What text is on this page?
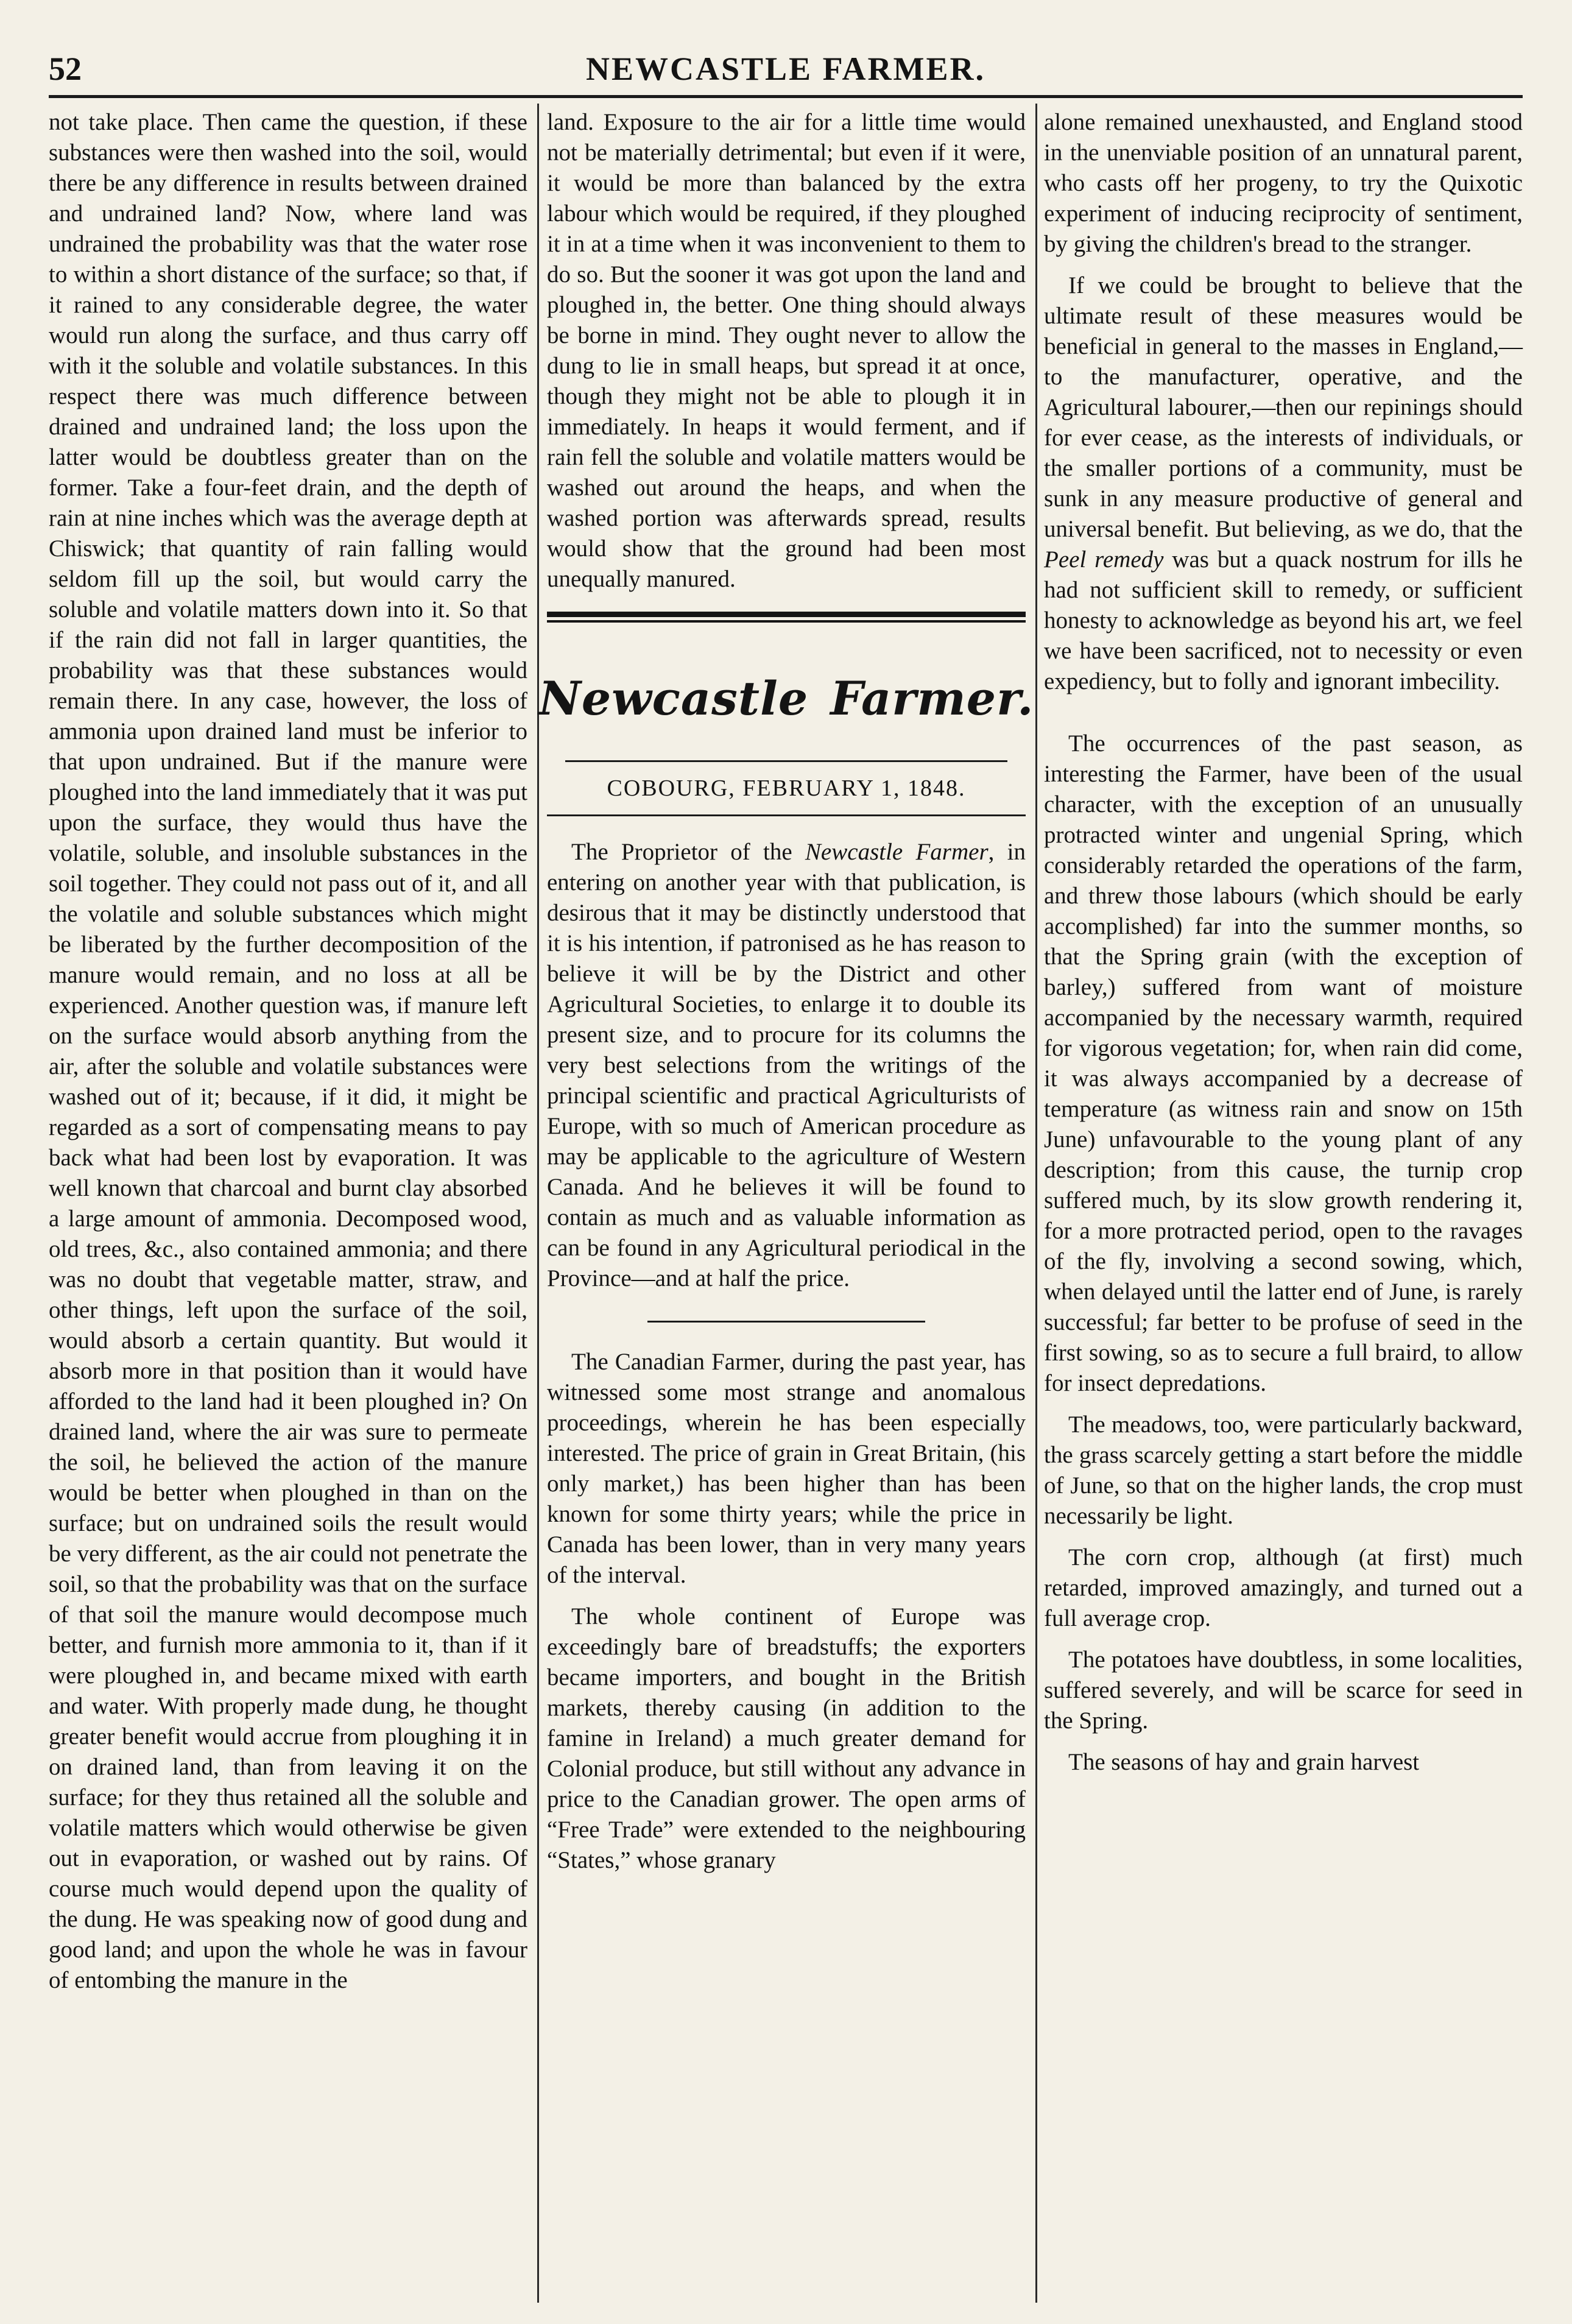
52	NEWCASTLE FARMER.

not take place. Then came the question, if these substances were then washed into the soil, would there be any difference in results between drained and undrained land? Now, where land was undrained the probability was that the water rose to within a short distance of the surface; so that, if it rained to any considerable degree, the water would run along the surface, and thus carry off with it the soluble and volatile substances. In this respect there was much difference between drained and undrained land; the loss upon the latter would be doubtless greater than on the former. Take a four-feet drain, and the depth of rain at nine inches which was the average depth at Chiswick; that quantity of rain falling would seldom fill up the soil, but would carry the soluble and volatile matters down into it. So that if the rain did not fall in larger quantities, the probability was that these substances would remain there. In any case, however, the loss of ammonia upon drained land must be inferior to that upon undrained. But if the manure were ploughed into the land immediately that it was put upon the surface, they would thus have the volatile, soluble, and insoluble substances in the soil together. They could not pass out of it, and all the volatile and soluble substances which might be liberated by the further decomposition of the manure would remain, and no loss at all be experienced. Another question was, if manure left on the surface would absorb anything from the air, after the soluble and volatile substances were washed out of it; because, if it did, it might be regarded as a sort of compensating means to pay back what had been lost by evaporation. It was well known that charcoal and burnt clay absorbed a large amount of ammonia. Decomposed wood, old trees, &c., also contained ammonia; and there was no doubt that vegetable matter, straw, and other things, left upon the surface of the soil, would absorb a certain quantity. But would it absorb more in that position than it would have afforded to the land had it been ploughed in? On drained land, where the air was sure to permeate the soil, he believed the action of the manure would be better when ploughed in than on the surface; but on undrained soils the result would be very different, as the air could not penetrate the soil, so that the probability was that on the surface of that soil the manure would decompose much better, and furnish more ammonia to it, than if it were ploughed in, and became mixed with earth and water. With properly made dung, he thought greater benefit would accrue from ploughing it in on drained land, than from leaving it on the surface; for they thus retained all the soluble and volatile matters which would otherwise be given out in evaporation, or washed out by rains. Of course much would depend upon the quality of the dung. He was speaking now of good dung and good land; and upon the whole he was in favour of entombing the manure in the

land. Exposure to the air for a little time would not be materially detrimental; but even if it were, it would be more than balanced by the extra labour which would be required, if they ploughed it in at a time when it was inconvenient to them to do so. But the sooner it was got upon the land and ploughed in, the better. One thing should always be borne in mind. They ought never to allow the dung to lie in small heaps, but spread it at once, though they might not be able to plough it in immediately. In heaps it would ferment, and if rain fell the soluble and volatile matters would be washed out around the heaps, and when the washed portion was afterwards spread, results would show that the ground had been most unequally manured.

Newcastle Farmer.
COBOURG, FEBRUARY 1, 1848.

The Proprietor of the Newcastle Farmer, in entering on another year with that publication, is desirous that it may be distinctly understood that it is his intention, if patronised as he has reason to believe it will be by the District and other Agricultural Societies, to enlarge it to double its present size, and to procure for its columns the very best selections from the writings of the principal scientific and practical Agriculturists of Europe, with so much of American procedure as may be applicable to the agriculture of Western Canada. And he believes it will be found to contain as much and as valuable information as can be found in any Agricultural periodical in the Province—and at half the price.

The Canadian Farmer, during the past year, has witnessed some most strange and anomalous proceedings, wherein he has been especially interested. The price of grain in Great Britain, (his only market,) has been higher than has been known for some thirty years; while the price in Canada has been lower, than in very many years of the interval.

The whole continent of Europe was exceedingly bare of breadstuffs; the exporters became importers, and bought in the British markets, thereby causing (in addition to the famine in Ireland) a much greater demand for Colonial produce, but still without any advance in price to the Canadian grower. The open arms of “Free Trade” were extended to the neighbouring “States,” whose granary

alone remained unexhausted, and England stood in the unenviable position of an unnatural parent, who casts off her progeny, to try the Quixotic experiment of inducing reciprocity of sentiment, by giving the children's bread to the stranger.

If we could be brought to believe that the ultimate result of these measures would be beneficial in general to the masses in England,—to the manufacturer, operative, and the Agricultural labourer,—then our repinings should for ever cease, as the interests of individuals, or the smaller portions of a community, must be sunk in any measure productive of general and universal benefit. But believing, as we do, that the Peel remedy was but a quack nostrum for ills he had not sufficient skill to remedy, or sufficient honesty to acknowledge as beyond his art, we feel we have been sacrificed, not to necessity or even expediency, but to folly and ignorant imbecility.

The occurrences of the past season, as interesting the Farmer, have been of the usual character, with the exception of an unusually protracted winter and ungenial Spring, which considerably retarded the operations of the farm, and threw those labours (which should be early accomplished) far into the summer months, so that the Spring grain (with the exception of barley,) suffered from want of moisture accompanied by the necessary warmth, required for vigorous vegetation; for, when rain did come, it was always accompanied by a decrease of temperature (as witness rain and snow on 15th June) unfavourable to the young plant of any description; from this cause, the turnip crop suffered much, by its slow growth rendering it, for a more protracted period, open to the ravages of the fly, involving a second sowing, which, when delayed until the latter end of June, is rarely successful; far better to be profuse of seed in the first sowing, so as to secure a full braird, to allow for insect depredations.

The meadows, too, were particularly backward, the grass scarcely getting a start before the middle of June, so that on the higher lands, the crop must necessarily be light.

The corn crop, although (at first) much retarded, improved amazingly, and turned out a full average crop.

The potatoes have doubtless, in some localities, suffered severely, and will be scarce for seed in the Spring.

The seasons of hay and grain harvest
